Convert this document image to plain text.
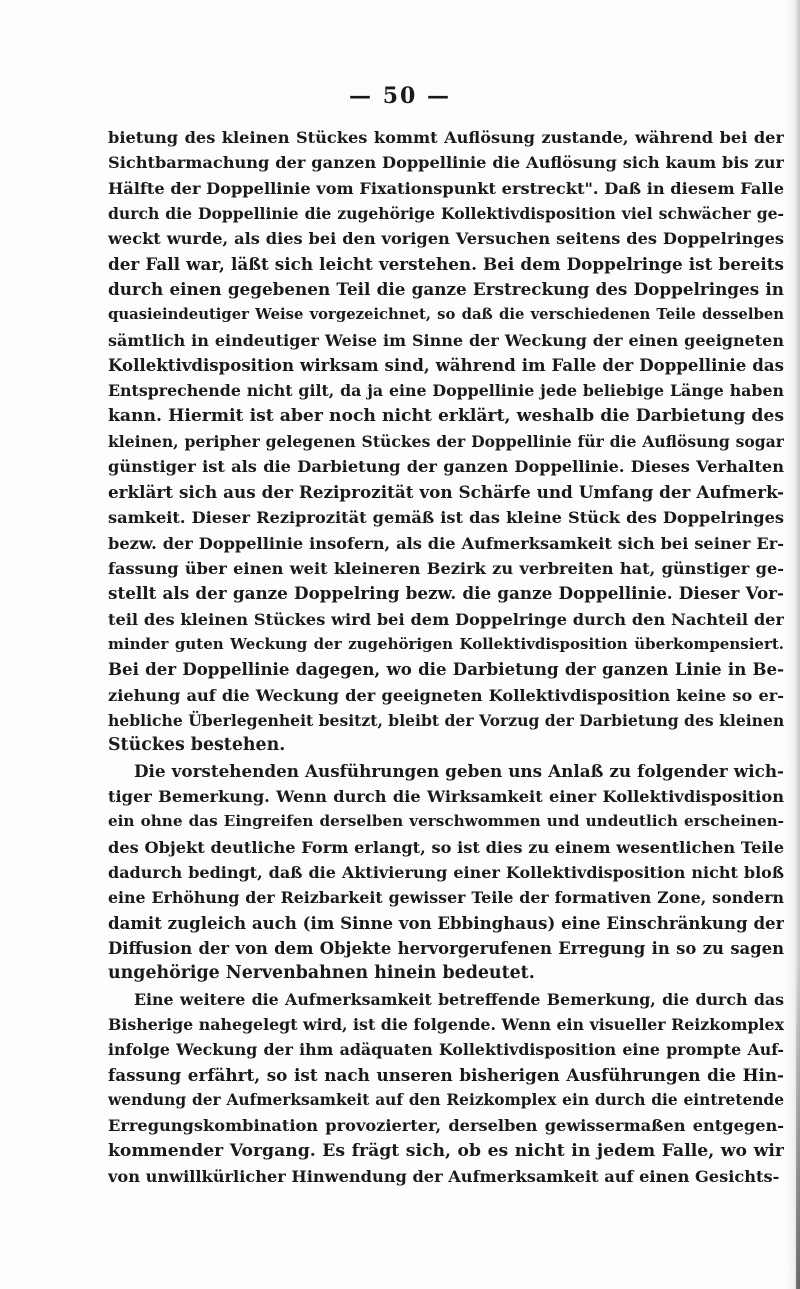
— 50 —
bietung des kleinen Stückes kommt Auflösung zustande, während bei der
Sichtbarmachung der ganzen Doppellinie die Auflösung sich kaum bis zur
Hälfte der Doppellinie vom Fixationspunkt erstreckt". Daß in diesem Falle
durch die Doppellinie die zugehörige Kollektivdisposition viel schwächer ge-
weckt wurde, als dies bei den vorigen Versuchen seitens des Doppelringes
der Fall war, läßt sich leicht verstehen. Bei dem Doppelringe ist bereits
durch einen gegebenen Teil die ganze Erstreckung des Doppelringes in
quasieindeutiger Weise vorgezeichnet, so daß die verschiedenen Teile desselben
sämtlich in eindeutiger Weise im Sinne der Weckung der einen geeigneten
Kollektivdisposition wirksam sind, während im Falle der Doppellinie das
Entsprechende nicht gilt, da ja eine Doppellinie jede beliebige Länge haben
kann. Hiermit ist aber noch nicht erklärt, weshalb die Darbietung des
kleinen, peripher gelegenen Stückes der Doppellinie für die Auflösung sogar
günstiger ist als die Darbietung der ganzen Doppellinie. Dieses Verhalten
erklärt sich aus der Reziprozität von Schärfe und Umfang der Aufmerk-
samkeit. Dieser Reziprozität gemäß ist das kleine Stück des Doppelringes
bezw. der Doppellinie insofern, als die Aufmerksamkeit sich bei seiner Er-
fassung über einen weit kleineren Bezirk zu verbreiten hat, günstiger ge-
stellt als der ganze Doppelring bezw. die ganze Doppellinie. Dieser Vor-
teil des kleinen Stückes wird bei dem Doppelringe durch den Nachteil der
minder guten Weckung der zugehörigen Kollektivdisposition überkompensiert.
Bei der Doppellinie dagegen, wo die Darbietung der ganzen Linie in Be-
ziehung auf die Weckung der geeigneten Kollektivdisposition keine so er-
hebliche Überlegenheit besitzt, bleibt der Vorzug der Darbietung des kleinen
Stückes bestehen.
Die vorstehenden Ausführungen geben uns Anlaß zu folgender wich-
tiger Bemerkung. Wenn durch die Wirksamkeit einer Kollektivdisposition
ein ohne das Eingreifen derselben verschwommen und undeutlich erscheinen-
des Objekt deutliche Form erlangt, so ist dies zu einem wesentlichen Teile
dadurch bedingt, daß die Aktivierung einer Kollektivdisposition nicht bloß
eine Erhöhung der Reizbarkeit gewisser Teile der formativen Zone, sondern
damit zugleich auch (im Sinne von Ebbinghaus) eine Einschränkung der
Diffusion der von dem Objekte hervorgerufenen Erregung in so zu sagen
ungehörige Nervenbahnen hinein bedeutet.
Eine weitere die Aufmerksamkeit betreffende Bemerkung, die durch das
Bisherige nahegelegt wird, ist die folgende. Wenn ein visueller Reizkomplex
infolge Weckung der ihm adäquaten Kollektivdisposition eine prompte Auf-
fassung erfährt, so ist nach unseren bisherigen Ausführungen die Hin-
wendung der Aufmerksamkeit auf den Reizkomplex ein durch die eintretende
Erregungskombination provozierter, derselben gewissermaßen entgegen-
kommender Vorgang. Es frägt sich, ob es nicht in jedem Falle, wo wir
von unwillkürlicher Hinwendung der Aufmerksamkeit auf einen Gesichts-
